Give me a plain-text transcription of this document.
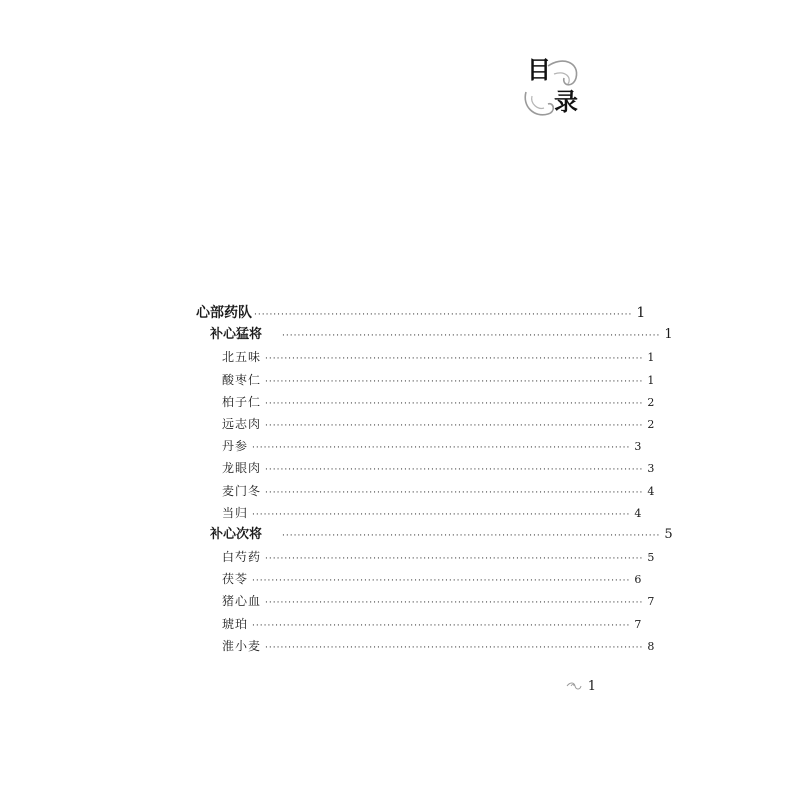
目
录
心部药队 ·································································································· 1
补心猛将 ·································································································· 1
北五味 ·································································································· 1
酸枣仁 ·································································································· 1
柏子仁 ·································································································· 2
远志肉 ·································································································· 2
丹参 ·································································································· 3
龙眼肉 ·································································································· 3
麦门冬 ·································································································· 4
当归 ·································································································· 4
补心次将 ·································································································· 5
白芍药 ·································································································· 5
茯苓 ·································································································· 6
猪心血 ·································································································· 7
琥珀 ·································································································· 7
淮小麦 ·································································································· 8
1
